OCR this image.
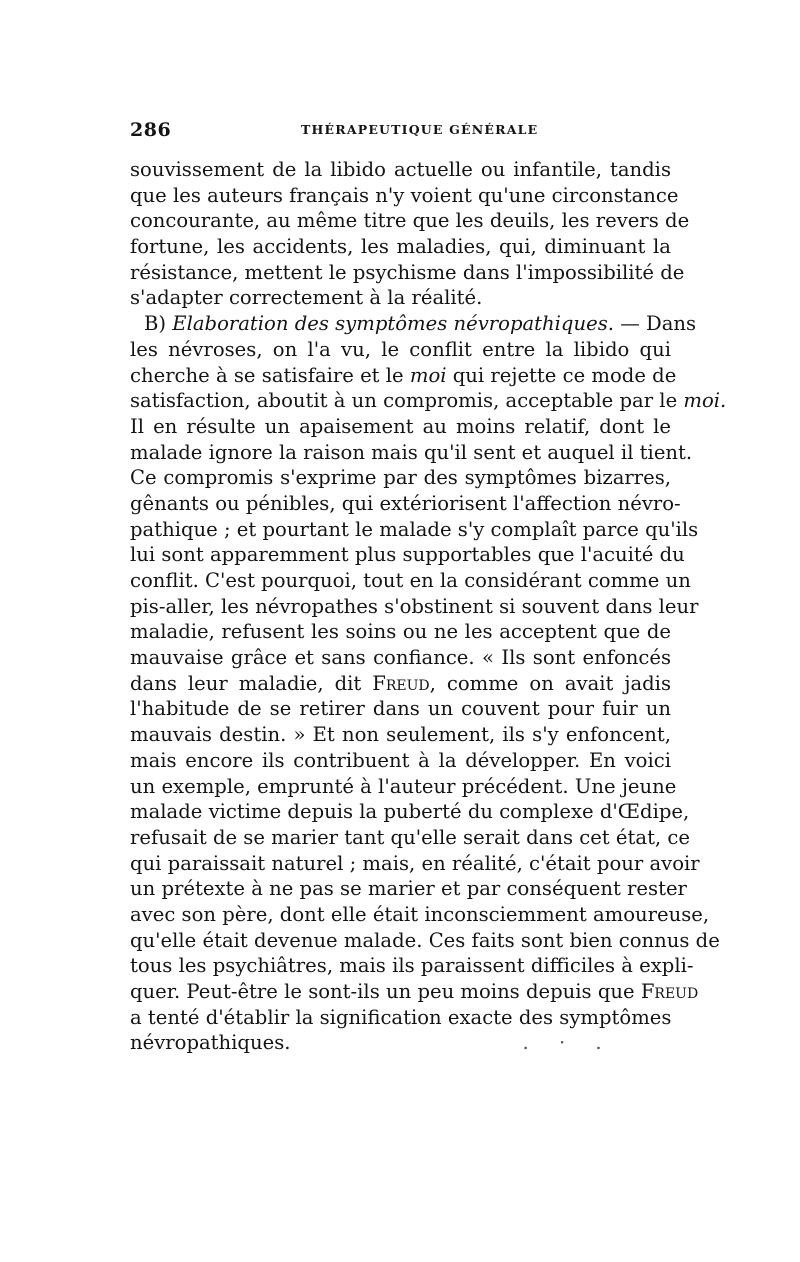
286	THÉRAPEUTIQUE GÉNÉRALE
souvissement de la libido actuelle ou infantile, tandis
que les auteurs français n'y voient qu'une circonstance
concourante, au même titre que les deuils, les revers de
fortune, les accidents, les maladies, qui, diminuant la
résistance, mettent le psychisme dans l'impossibilité de
s'adapter correctement à la réalité.
B) Elaboration des symptômes névropathiques. — Dans
les névroses, on l'a vu, le conflit entre la libido qui
cherche à se satisfaire et le moi qui rejette ce mode de
satisfaction, aboutit à un compromis, acceptable par le moi.
Il en résulte un apaisement au moins relatif, dont le
malade ignore la raison mais qu'il sent et auquel il tient.
Ce compromis s'exprime par des symptômes bizarres,
gênants ou pénibles, qui extériorisent l'affection névro-
pathique ; et pourtant le malade s'y complaît parce qu'ils
lui sont apparemment plus supportables que l'acuité du
conflit. C'est pourquoi, tout en la considérant comme un
pis-aller, les névropathes s'obstinent si souvent dans leur
maladie, refusent les soins ou ne les acceptent que de
mauvaise grâce et sans confiance. « Ils sont enfoncés
dans leur maladie, dit Freud, comme on avait jadis
l'habitude de se retirer dans un couvent pour fuir un
mauvais destin. » Et non seulement, ils s'y enfoncent,
mais encore ils contribuent à la développer. En voici
un exemple, emprunté à l'auteur précédent. Une jeune
malade victime depuis la puberté du complexe d'Œdipe,
refusait de se marier tant qu'elle serait dans cet état, ce
qui paraissait naturel ; mais, en réalité, c'était pour avoir
un prétexte à ne pas se marier et par conséquent rester
avec son père, dont elle était inconsciemment amoureuse,
qu'elle était devenue malade. Ces faits sont bien connus de
tous les psychiâtres, mais ils paraissent difficiles à expli-
quer. Peut-être le sont-ils un peu moins depuis que Freud
a tenté d'établir la signification exacte des symptômes
névropathiques.	. · .
